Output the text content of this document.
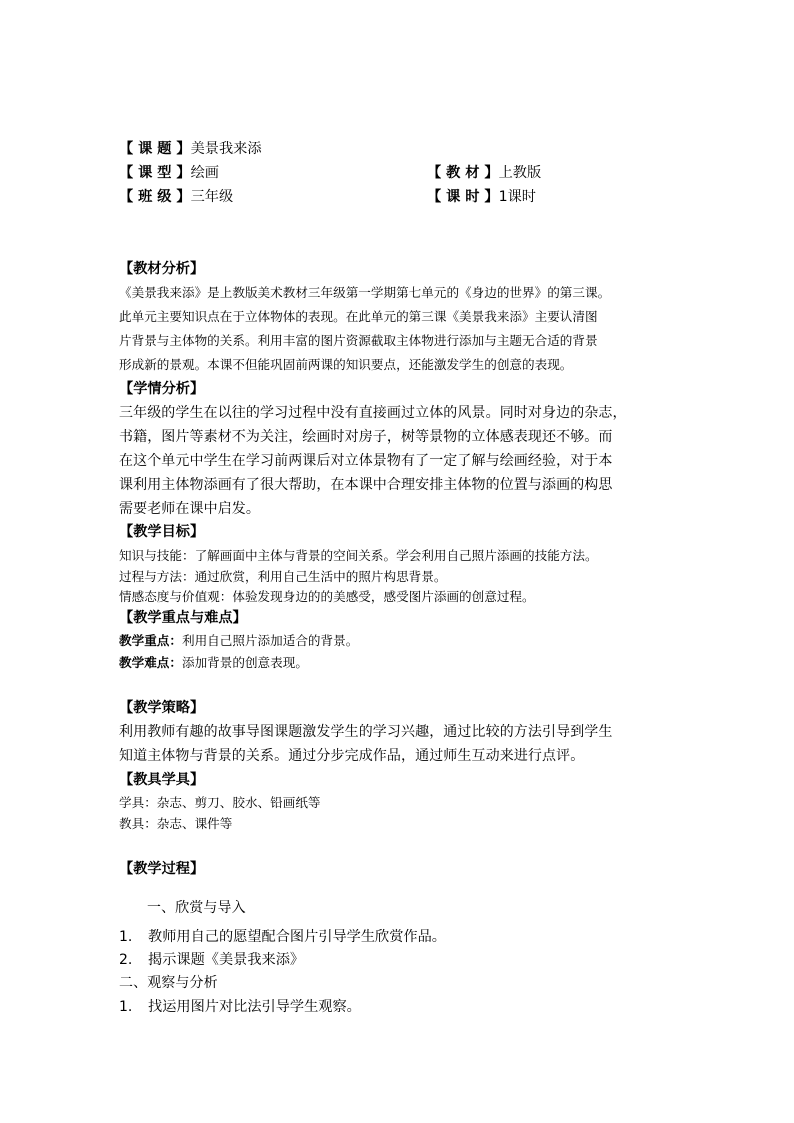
【 课 题 】美景我来添
【 课 型 】绘画	【 教 材 】上教版
【 班 级 】三年级	【 课 时 】1课时
【教材分析】
《美景我来添》是上教版美术教材三年级第一学期第七单元的《身边的世界》的第三课。
此单元主要知识点在于立体物体的表现。在此单元的第三课《美景我来添》主要认清图
片背景与主体物的关系。利用丰富的图片资源截取主体物进行添加与主题无合适的背景
形成新的景观。本课不但能巩固前两课的知识要点，还能激发学生的创意的表现。
【学情分析】
三年级的学生在以往的学习过程中没有直接画过立体的风景。同时对身边的杂志，
书籍，图片等素材不为关注，绘画时对房子，树等景物的立体感表现还不够。而
在这个单元中学生在学习前两课后对立体景物有了一定了解与绘画经验，对于本
课利用主体物添画有了很大帮助，在本课中合理安排主体物的位置与添画的构思
需要老师在课中启发。
【教学目标】
知识与技能：了解画面中主体与背景的空间关系。学会利用自己照片添画的技能方法。
过程与方法：通过欣赏，利用自己生活中的照片构思背景。
情感态度与价值观：体验发现身边的的美感受，感受图片添画的创意过程。
【教学重点与难点】
教学重点：利用自己照片添加适合的背景。
教学难点：添加背景的创意表现。
【教学策略】
利用教师有趣的故事导图课题激发学生的学习兴趣，通过比较的方法引导到学生
知道主体物与背景的关系。通过分步完成作品，通过师生互动来进行点评。
【教具学具】
学具：杂志、剪刀、胶水、铅画纸等
教具：杂志、课件等
【教学过程】
一、欣赏与导入
1. 教师用自己的愿望配合图片引导学生欣赏作品。
2. 揭示课题《美景我来添》
二、观察与分析
1. 找运用图片对比法引导学生观察。
